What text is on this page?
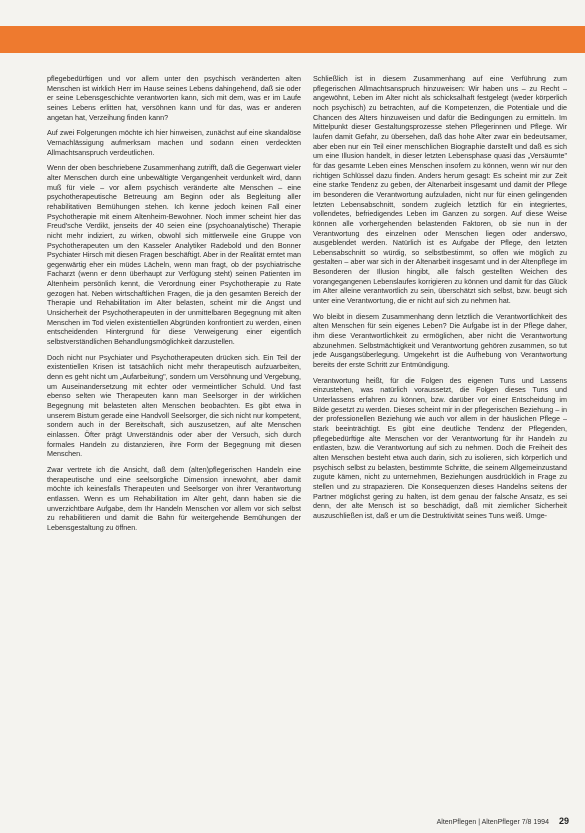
pflegebedürftigen und vor allem unter den psychisch veränderten alten Menschen ist wirklich Herr im Hause seines Lebens dahingehend, daß sie oder er seine Lebensgeschichte verantworten kann, sich mit dem, was er im Laufe seines Lebens erlitten hat, versöhnen kann und für das, was er anderen angetan hat, Verzeihung finden kann?

Auf zwei Folgerungen möchte ich hier hinweisen, zunächst auf eine skandalöse Vernachlässigung aufmerksam machen und sodann einen verdeckten Allmachtsanspruch verdeutlichen.

Wenn der oben beschriebene Zusammenhang zutrifft, daß die Gegenwart vieler alter Menschen durch eine unbewältigte Vergangenheit verdunkelt wird, dann muß für viele – vor allem psychisch veränderte alte Menschen – eine psychotherapeutische Betreuung am Beginn oder als Begleitung aller rehabilitativen Bemühungen stehen. Ich kenne jedoch keinen Fall einer Psychotherapie mit einem Altenheim-Bewohner. Noch immer scheint hier das Freud'sche Verdikt, jenseits der 40 seien eine (psychoanalytische) Therapie nicht mehr indiziert, zu wirken, obwohl sich mittlerweile eine Gruppe von Psychotherapeuten um den Kasseler Analytiker Radebold und den Bonner Psychiater Hirsch mit diesen Fragen beschäftigt. Aber in der Realität erntet man gegenwärtig eher ein müdes Lächeln, wenn man fragt, ob der psychiatrische Facharzt (wenn er denn überhaupt zur Verfügung steht) seinen Patienten im Altenheim persönlich kennt, die Verordnung einer Psychotherapie zu Rate gezogen hat. Neben wirtschaftlichen Fragen, die ja den gesamten Bereich der Therapie und Rehabilitation im Alter belasten, scheint mir die Angst und Unsicherheit der Psychotherapeuten in der unmittelbaren Begegnung mit alten Menschen im Tod vielen existentiellen Abgründen konfrontiert zu werden, einen entscheidenden Hintergrund für diese Verweigerung einer eigentlich selbstverständlichen Behandlungsmöglichkeit darzustellen.

Doch nicht nur Psychiater und Psychotherapeuten drücken sich. Ein Teil der existentiellen Krisen ist tatsächlich nicht mehr therapeutisch aufzuarbeiten, denn es geht nicht um „Aufarbeitung", sondern um Versöhnung und Vergebung, um Auseinandersetzung mit echter oder vermeintlicher Schuld. Und fast ebenso selten wie Therapeuten kann man Seelsorger in der wirklichen Begegnung mit belasteten alten Menschen beobachten. Es gibt etwa in unserem Bistum gerade eine Handvoll Seelsorger, die sich nicht nur kompetent, sondern auch in der Bereitschaft, sich auszusetzen, auf alte Menschen einlassen. Öfter prägt Unverständnis oder aber der Versuch, sich durch formales Handeln zu distanzieren, ihre Form der Begegnung mit diesen Menschen.

Zwar vertrete ich die Ansicht, daß dem (alten)pflegerischen Handeln eine therapeutische und eine seelsorgliche Dimension innewohnt, aber damit möchte ich keinesfalls Therapeuten und Seelsorger von ihrer Verantwortung entlassen. Wenn es um Rehabilitation im Alter geht, dann haben sie die unverzichtbare Aufgabe, dem Ihr Handeln Menschen vor allem vor sich selbst zu rehabilitieren und damit die Bahn für weitergehende Bemühungen der Lebensgestaltung zu öffnen.

Schließlich ist in diesem Zusammenhang auf eine Verführung zum pflegerischen Allmachtsanspruch hinzuweisen: Wir haben uns – zu Recht – angewöhnt, Leben im Alter nicht als schicksalhaft festgelegt (weder körperlich noch psychisch) zu betrachten, auf die Kompetenzen, die Potentiale und die Chancen des Alters hinzuweisen und dafür die Bedingungen zu ermitteln. Im Mittelpunkt dieser Gestaltungsprozesse stehen Pflegerinnen und Pflege. Wir laufen damit Gefahr, zu übersehen, daß das hohe Alter zwar ein bedeutsamer, aber eben nur ein Teil einer menschlichen Biographie darstellt und daß es sich um eine Illusion handelt, in dieser letzten Lebensphase quasi das „Versäumte" für das gesamte Leben eines Menschen insofern zu können, wenn wir nur den richtigen Schlüssel dazu finden. Anders herum gesagt: Es scheint mir zur Zeit eine starke Tendenz zu geben, der Altenarbeit insgesamt und damit der Pflege im besonderen die Verantwortung aufzuladen, nicht nur für einen gelingenden letzten Lebensabschnitt, sondern zugleich letztlich für ein integriertes, vollendetes, befriedigendes Leben im Ganzen zu sorgen. Auf diese Weise können alle vorhergehenden belastenden Faktoren, ob sie nun in der Verantwortung des einzelnen oder Menschen liegen oder anderswo, ausgeblendet werden. Natürlich ist es Aufgabe der Pflege, den letzten Lebensabschnitt so würdig, so selbstbestimmt, so offen wie möglich zu gestalten – aber war sich in der Altenarbeit insgesamt und in der Altenpflege im Besonderen der Illusion hingibt, alle falsch gestellten Weichen des vorangegangenen Lebenslaufes korrigieren zu können und damit für das Glück im Alter alleine verantwortlich zu sein, überschätzt sich selbst, bzw. beugt sich unter eine Verantwortung, die er nicht auf sich zu nehmen hat.

Wo bleibt in diesem Zusammenhang denn letztlich die Verantwortlichkeit des alten Menschen für sein eigenes Leben? Die Aufgabe ist in der Pflege daher, ihm diese Verantwortlichkeit zu ermöglichen, aber nicht die Verantwortung abzunehmen. Selbstmächtigkeit und Verantwortung gehören zusammen, so tut jede Ausgangsüberlegung. Umgekehrt ist die Aufhebung von Verantwortung bereits der erste Schritt zur Entmündigung.

Verantwortung heißt, für die Folgen des eigenen Tuns und Lassens einzustehen, was natürlich voraussetzt, die Folgen dieses Tuns und Unterlassens erfahren zu können, bzw. darüber vor einer Entscheidung im Bilde gesetzt zu werden. Dieses scheint mir in der pflegerischen Beziehung – in der professionellen Beziehung wie auch vor allem in der häuslichen Pflege – stark beeinträchtigt. Es gibt eine deutliche Tendenz der Pflegenden, pflegebedürftige alte Menschen vor der Verantwortung für ihr Handeln zu entlasten, bzw. die Verantwortung auf sich zu nehmen. Doch die Freiheit des alten Menschen besteht etwa auch darin, sich zu isolieren, sich körperlich und psychisch selbst zu belasten, bestimmte Schritte, die seinem Allgemeinzustand zugute kämen, nicht zu unternehmen, Beziehungen ausdrücklich in Frage zu stellen und zu strapazieren. Die Konsequenzen dieses Handelns seitens der Partner möglichst gering zu halten, ist dem genau der falsche Ansatz, es sei denn, der alte Mensch ist so beschädigt, daß mit ziemlicher Sicherheit auszuschließen ist, daß er um die Destruktivität seines Tuns weiß. Umge-

AltenPflegen | AltenPfleger 7/8 1994 29
